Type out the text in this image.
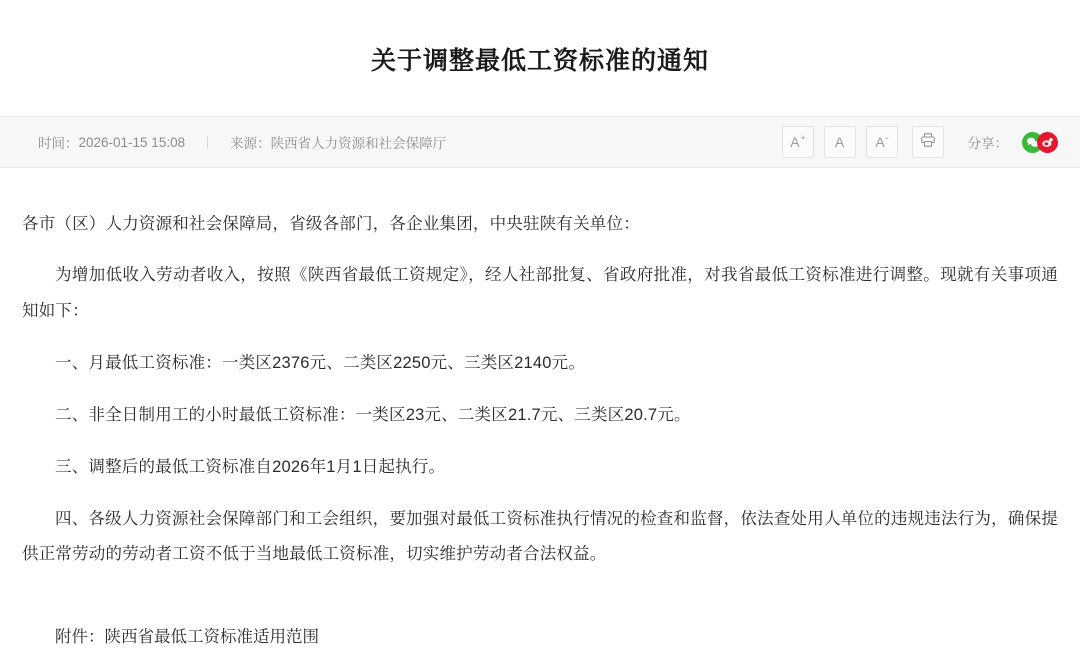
关于调整最低工资标准的通知
时间： 2026-01-15 15:08	来源： 陕西省人力资源和社会保障厅	A+ A A-	分享：

各市（区）人力资源和社会保障局，省级各部门，各企业集团，中央驻陕有关单位：

为增加低收入劳动者收入，按照《陕西省最低工资规定》，经人社部批复、省政府批准，对我省最低工资标准进行调整。现就有关事项通知如下：

一、月最低工资标准：一类区2376元、二类区2250元、三类区2140元。

二、非全日制用工的小时最低工资标准：一类区23元、二类区21.7元、三类区20.7元。

三、调整后的最低工资标准自2026年1月1日起执行。

四、各级人力资源社会保障部门和工会组织，要加强对最低工资标准执行情况的检查和监督，依法查处用人单位的违规违法行为，确保提供正常劳动的劳动者工资不低于当地最低工资标准，切实维护劳动者合法权益。

附件：陕西省最低工资标准适用范围
